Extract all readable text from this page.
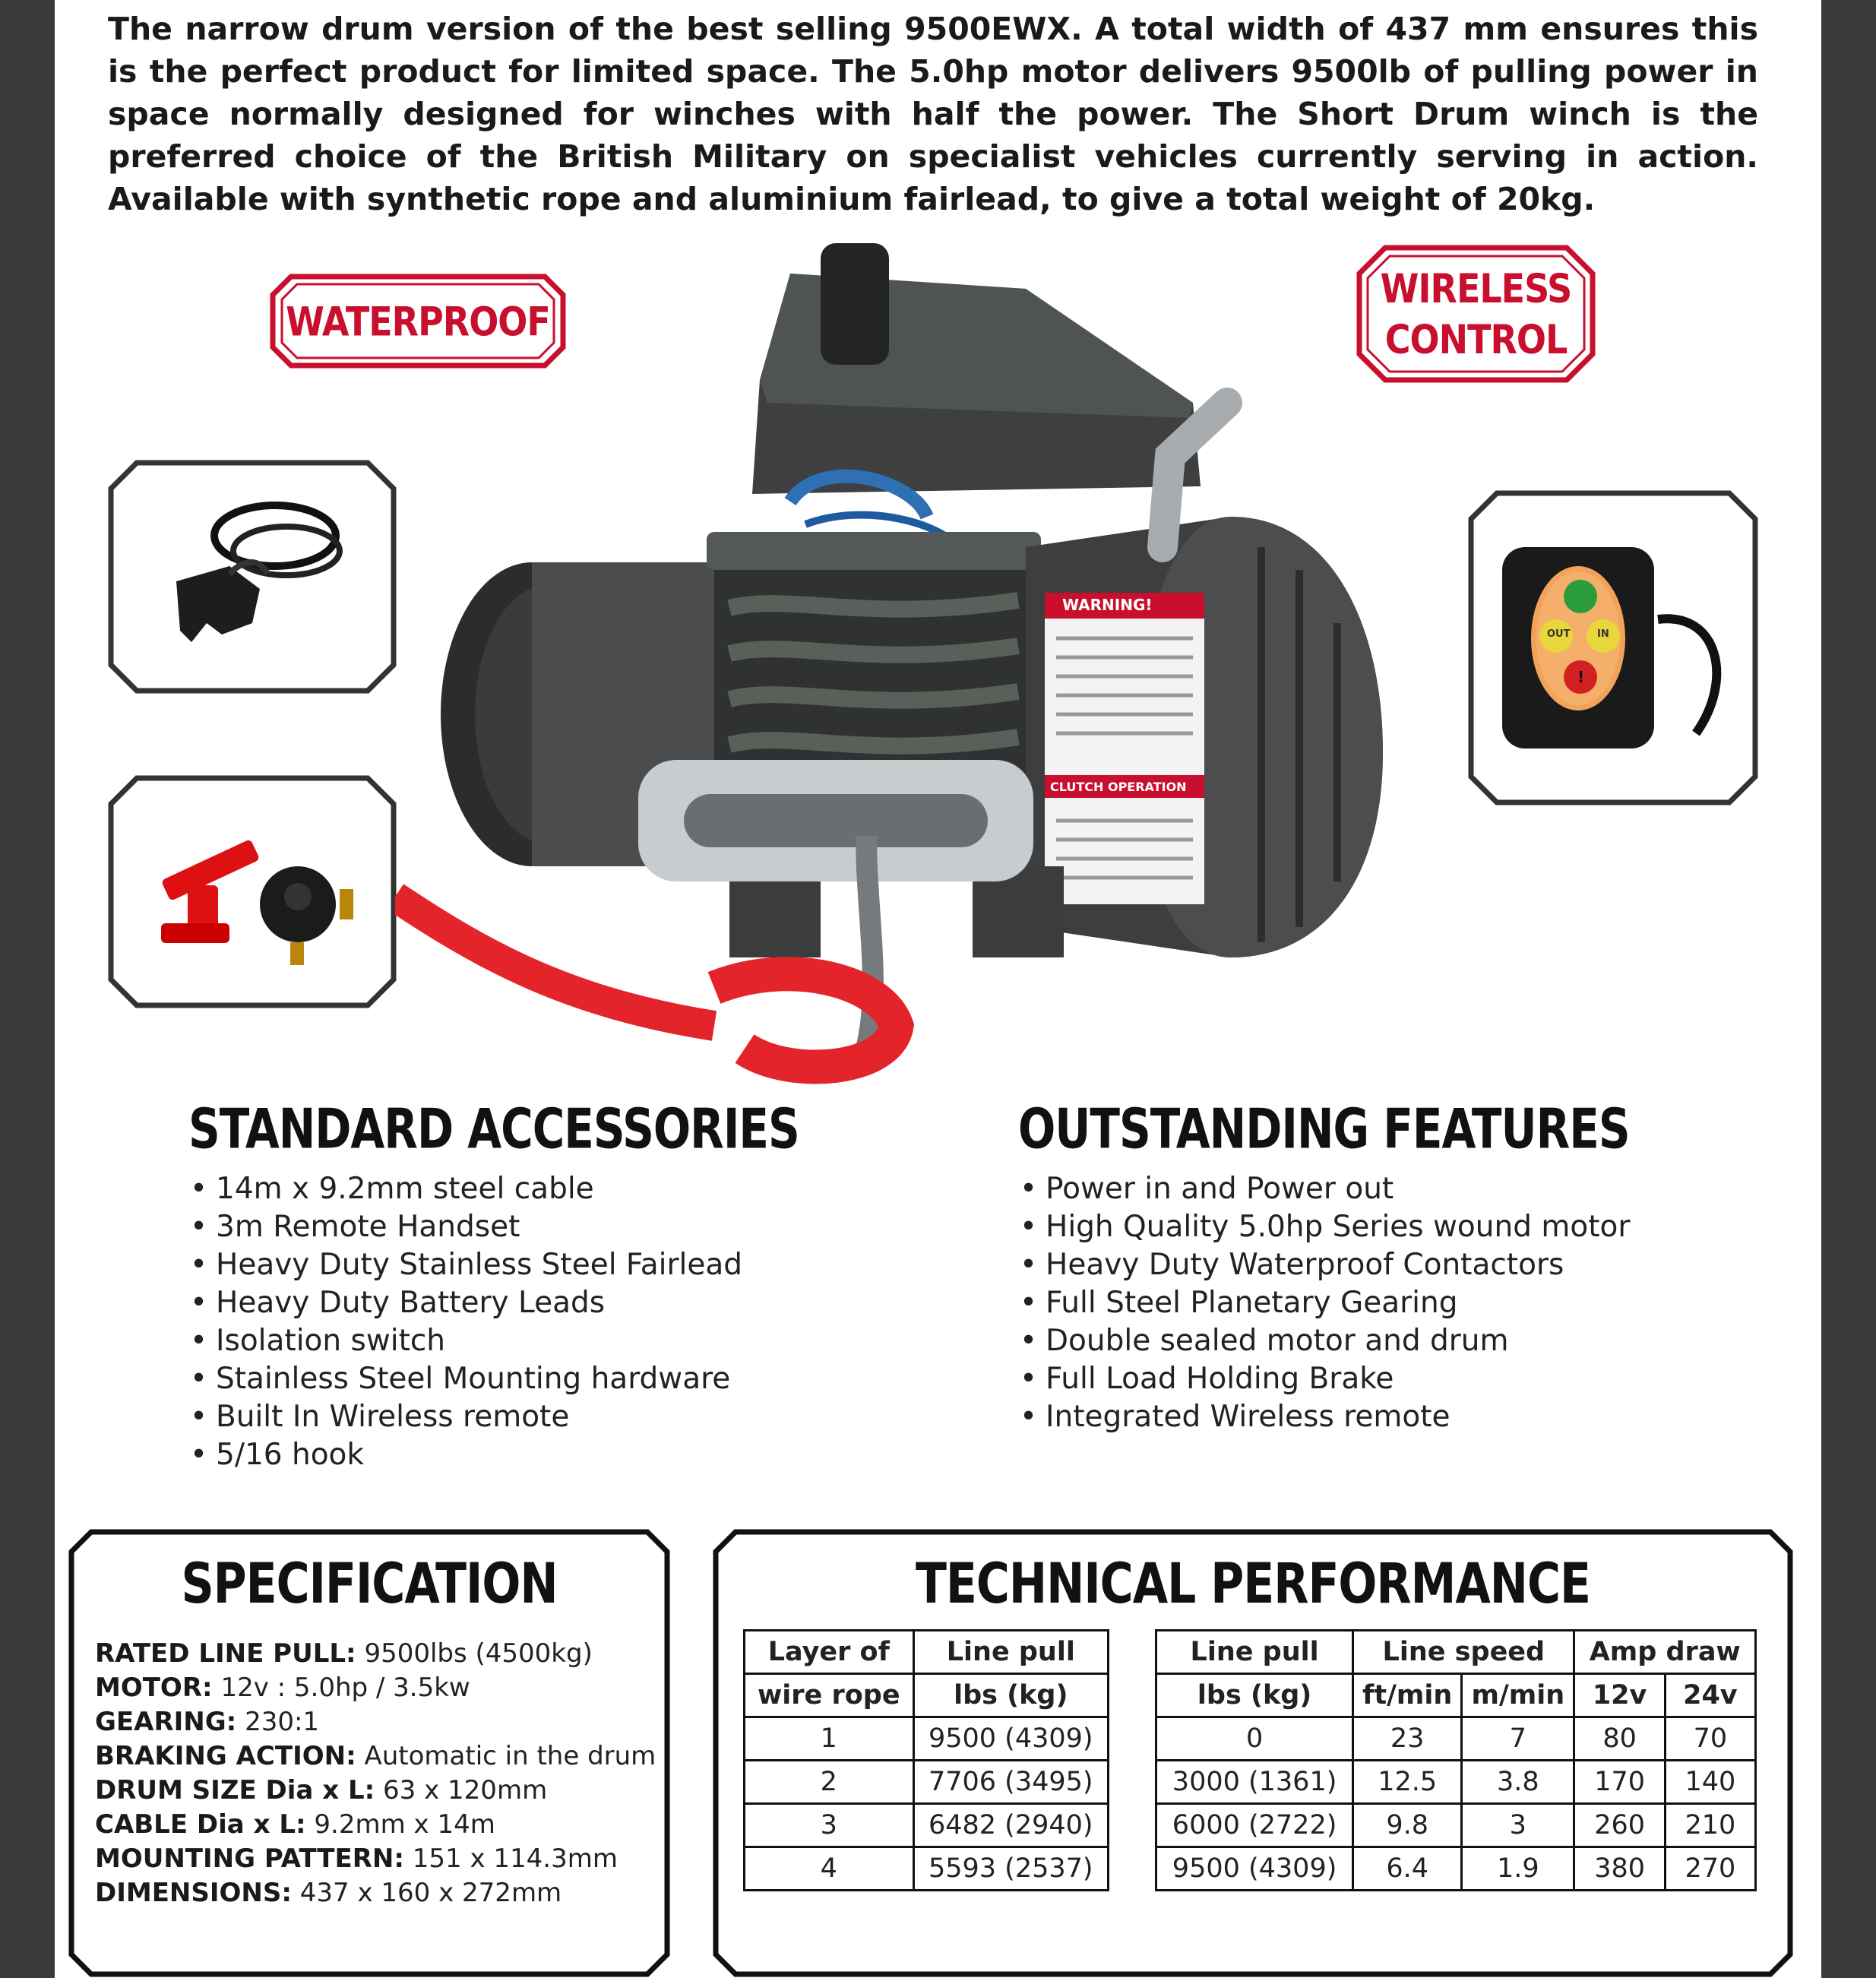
The narrow drum version of the best selling 9500EWX. A total width of 437 mm ensures this is the perfect product for limited space. The 5.0hp motor delivers 9500lb of pulling power in space normally designed for winches with half the power. The Short Drum winch is the preferred choice of the British Military on specialist vehicles currently serving in action.
Available with synthetic rope and aluminium fairlead, to give a total weight of 20kg.
WATERPROOF
WIRELESS
CONTROL
OUT	IN
!
WARNING!
CLUTCH OPERATION
STANDARD ACCESSORIES
• 14m x 9.2mm steel cable
• 3m Remote Handset
• Heavy Duty Stainless Steel Fairlead
• Heavy Duty Battery Leads
• Isolation switch
• Stainless Steel Mounting hardware
• Built In Wireless remote
• 5/16 hook
OUTSTANDING FEATURES
• Power in and Power out
• High Quality 5.0hp Series wound motor
• Heavy Duty Waterproof Contactors
• Full Steel Planetary Gearing
• Double sealed motor and drum
• Full Load Holding Brake
• Integrated Wireless remote
SPECIFICATION
RATED LINE PULL: 9500lbs (4500kg)
MOTOR: 12v : 5.0hp / 3.5kw
GEARING: 230:1
BRAKING ACTION: Automatic in the drum
DRUM SIZE Dia x L: 63 x 120mm
CABLE Dia x L: 9.2mm x 14m
MOUNTING PATTERN: 151 x 114.3mm
DIMENSIONS: 437 x 160 x 272mm
TECHNICAL PERFORMANCE
Layer of	Line pull
wire rope	lbs (kg)
1	9500 (4309)
2	7706 (3495)
3	6482 (2940)
4	5593 (2537)
Line pull	Line speed		Amp draw	
lbs (kg)	ft/min	m/min	12v	24v
0	23	7	80	70
3000 (1361)	12.5	3.8	170	140
6000 (2722)	9.8	3	260	210
9500 (4309)	6.4	1.9	380	270
